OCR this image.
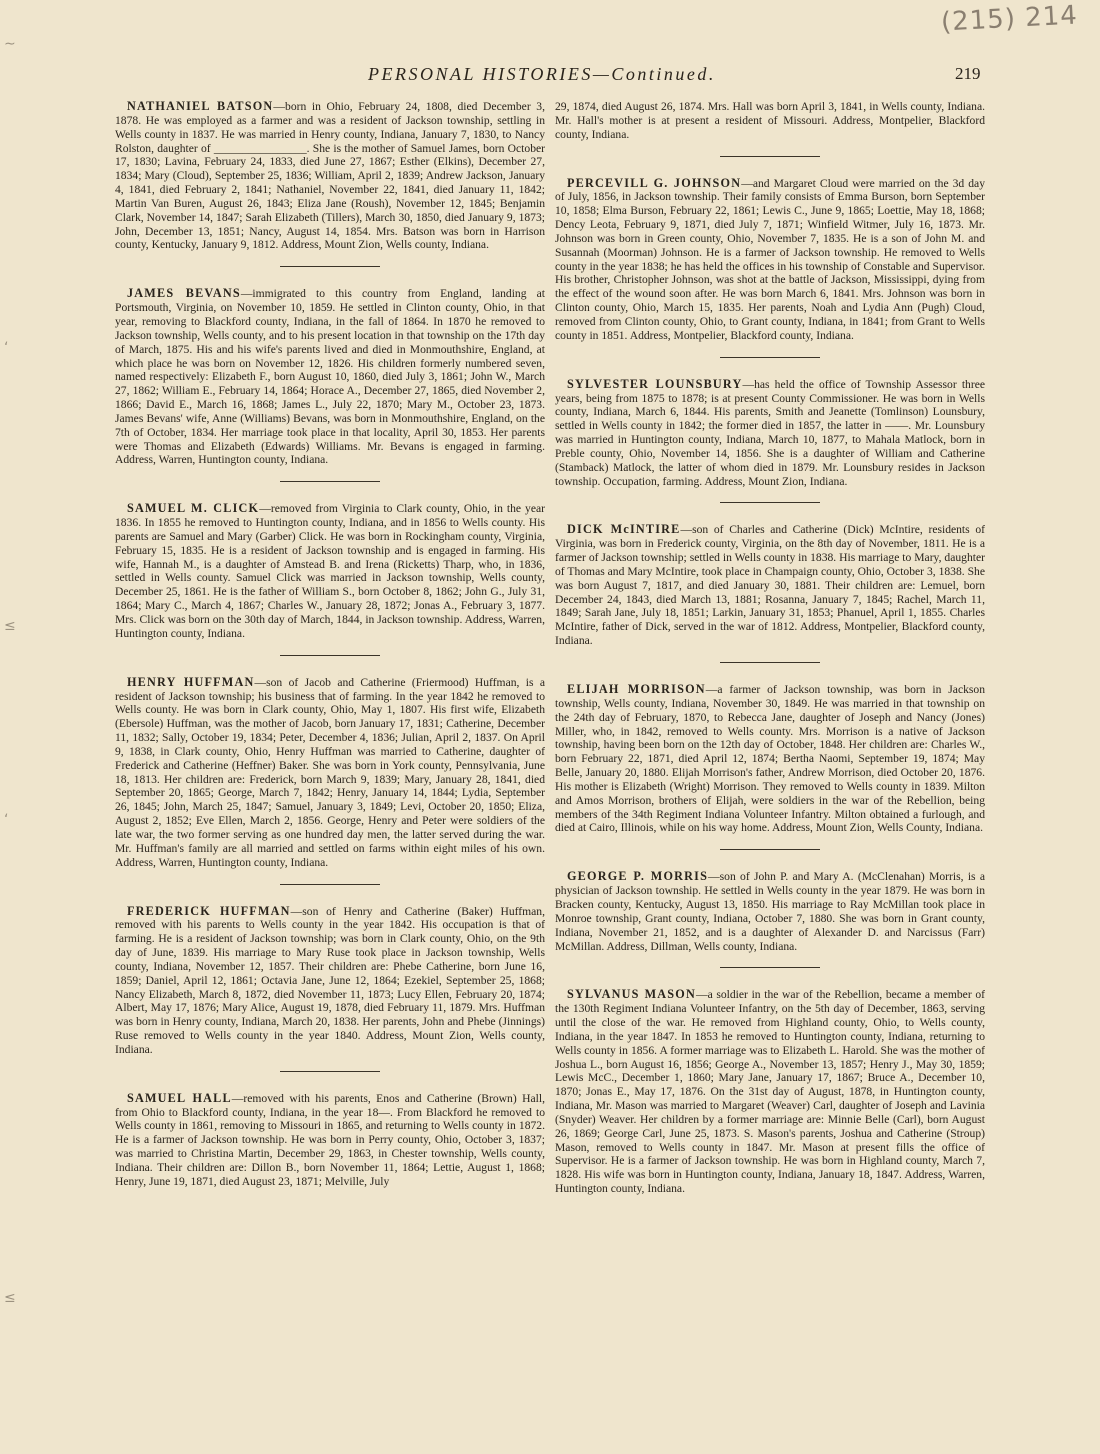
(215) 214
∼
‘
≤
‘
≤
PERSONAL HISTORIES—Continued.	219

NATHANIEL BATSON—born in Ohio, February 24, 1808, died December 3, 1878. He was employed as a farmer and was a resident of Jackson township, settling in Wells county in 1837. He was married in Henry county, Indiana, January 7, 1830, to Nancy Rolston, daughter of ________________. She is the mother of Samuel James, born October 17, 1830; Lavina, February 24, 1833, died June 27, 1867; Esther (Elkins), December 27, 1834; Mary (Cloud), September 25, 1836; William, April 2, 1839; Andrew Jackson, January 4, 1841, died February 2, 1841; Nathaniel, November 22, 1841, died January 11, 1842; Martin Van Buren, August 26, 1843; Eliza Jane (Roush), November 12, 1845; Benjamin Clark, November 14, 1847; Sarah Elizabeth (Tillers), March 30, 1850, died January 9, 1873; John, December 13, 1851; Nancy, August 14, 1854. Mrs. Batson was born in Harrison county, Kentucky, January 9, 1812. Address, Mount Zion, Wells county, Indiana.

JAMES BEVANS—immigrated to this country from England, landing at Portsmouth, Virginia, on November 10, 1859. He settled in Clinton county, Ohio, in that year, removing to Blackford county, Indiana, in the fall of 1864. In 1870 he removed to Jackson township, Wells county, and to his present location in that township on the 17th day of March, 1875. His and his wife's parents lived and died in Monmouthshire, England, at which place he was born on November 12, 1826. His children formerly numbered seven, named respectively: Elizabeth F., born August 10, 1860, died July 3, 1861; John W., March 27, 1862; William E., February 14, 1864; Horace A., December 27, 1865, died November 2, 1866; David E., March 16, 1868; James L., July 22, 1870; Mary M., October 23, 1873. James Bevans' wife, Anne (Williams) Bevans, was born in Monmouthshire, England, on the 7th of October, 1834. Her marriage took place in that locality, April 30, 1853. Her parents were Thomas and Elizabeth (Edwards) Williams. Mr. Bevans is engaged in farming. Address, Warren, Huntington county, Indiana.

SAMUEL M. CLICK—removed from Virginia to Clark county, Ohio, in the year 1836. In 1855 he removed to Huntington county, Indiana, and in 1856 to Wells county. His parents are Samuel and Mary (Garber) Click. He was born in Rockingham county, Virginia, February 15, 1835. He is a resident of Jackson township and is engaged in farming. His wife, Hannah M., is a daughter of Amstead B. and Irena (Ricketts) Tharp, who, in 1836, settled in Wells county. Samuel Click was married in Jackson township, Wells county, December 25, 1861. He is the father of William S., born October 8, 1862; John G., July 31, 1864; Mary C., March 4, 1867; Charles W., January 28, 1872; Jonas A., February 3, 1877. Mrs. Click was born on the 30th day of March, 1844, in Jackson township. Address, Warren, Huntington county, Indiana.

HENRY HUFFMAN—son of Jacob and Catherine (Friermood) Huffman, is a resident of Jackson township; his business that of farming. In the year 1842 he removed to Wells county. He was born in Clark county, Ohio, May 1, 1807. His first wife, Elizabeth (Ebersole) Huffman, was the mother of Jacob, born January 17, 1831; Catherine, December 11, 1832; Sally, October 19, 1834; Peter, December 4, 1836; Julian, April 2, 1837. On April 9, 1838, in Clark county, Ohio, Henry Huffman was married to Catherine, daughter of Frederick and Catherine (Heffner) Baker. She was born in York county, Pennsylvania, June 18, 1813. Her children are: Frederick, born March 9, 1839; Mary, January 28, 1841, died September 20, 1865; George, March 7, 1842; Henry, January 14, 1844; Lydia, September 26, 1845; John, March 25, 1847; Samuel, January 3, 1849; Levi, October 20, 1850; Eliza, August 2, 1852; Eve Ellen, March 2, 1856. George, Henry and Peter were soldiers of the late war, the two former serving as one hundred day men, the latter served during the war. Mr. Huffman's family are all married and settled on farms within eight miles of his own. Address, Warren, Huntington county, Indiana.

FREDERICK HUFFMAN—son of Henry and Catherine (Baker) Huffman, removed with his parents to Wells county in the year 1842. His occupation is that of farming. He is a resident of Jackson township; was born in Clark county, Ohio, on the 9th day of June, 1839. His marriage to Mary Ruse took place in Jackson township, Wells county, Indiana, November 12, 1857. Their children are: Phebe Catherine, born June 16, 1859; Daniel, April 12, 1861; Octavia Jane, June 12, 1864; Ezekiel, September 25, 1868; Nancy Elizabeth, March 8, 1872, died November 11, 1873; Lucy Ellen, February 20, 1874; Albert, May 17, 1876; Mary Alice, August 19, 1878, died February 11, 1879. Mrs. Huffman was born in Henry county, Indiana, March 20, 1838. Her parents, John and Phebe (Jinnings) Ruse removed to Wells county in the year 1840. Address, Mount Zion, Wells county, Indiana.

SAMUEL HALL—removed with his parents, Enos and Catherine (Brown) Hall, from Ohio to Blackford county, Indiana, in the year 18—. From Blackford he removed to Wells county in 1861, removing to Missouri in 1865, and returning to Wells county in 1872. He is a farmer of Jackson township. He was born in Perry county, Ohio, October 3, 1837; was married to Christina Martin, December 29, 1863, in Chester township, Wells county, Indiana. Their children are: Dillon B., born November 11, 1864; Lettie, August 1, 1868; Henry, June 19, 1871, died August 23, 1871; Melville, July

29, 1874, died August 26, 1874. Mrs. Hall was born April 3, 1841, in Wells county, Indiana. Mr. Hall's mother is at present a resident of Missouri. Address, Montpelier, Blackford county, Indiana.

PERCEVILL G. JOHNSON—and Margaret Cloud were married on the 3d day of July, 1856, in Jackson township. Their family consists of Emma Burson, born September 10, 1858; Elma Burson, February 22, 1861; Lewis C., June 9, 1865; Loettie, May 18, 1868; Dency Leota, February 9, 1871, died July 7, 1871; Winfield Witmer, July 16, 1873. Mr. Johnson was born in Green county, Ohio, November 7, 1835. He is a son of John M. and Susannah (Moorman) Johnson. He is a farmer of Jackson township. He removed to Wells county in the year 1838; he has held the offices in his township of Constable and Supervisor. His brother, Christopher Johnson, was shot at the battle of Jackson, Mississippi, dying from the effect of the wound soon after. He was born March 6, 1841. Mrs. Johnson was born in Clinton county, Ohio, March 15, 1835. Her parents, Noah and Lydia Ann (Pugh) Cloud, removed from Clinton county, Ohio, to Grant county, Indiana, in 1841; from Grant to Wells county in 1851. Address, Montpelier, Blackford county, Indiana.

SYLVESTER LOUNSBURY—has held the office of Township Assessor three years, being from 1875 to 1878; is at present County Commissioner. He was born in Wells county, Indiana, March 6, 1844. His parents, Smith and Jeanette (Tomlinson) Lounsbury, settled in Wells county in 1842; the former died in 1857, the latter in ——. Mr. Lounsbury was married in Huntington county, Indiana, March 10, 1877, to Mahala Matlock, born in Preble county, Ohio, November 14, 1856. She is a daughter of William and Catherine (Stamback) Matlock, the latter of whom died in 1879. Mr. Lounsbury resides in Jackson township. Occupation, farming. Address, Mount Zion, Indiana.

DICK McINTIRE—son of Charles and Catherine (Dick) McIntire, residents of Virginia, was born in Frederick county, Virginia, on the 8th day of November, 1811. He is a farmer of Jackson township; settled in Wells county in 1838. His marriage to Mary, daughter of Thomas and Mary McIntire, took place in Champaign county, Ohio, October 3, 1838. She was born August 7, 1817, and died January 30, 1881. Their children are: Lemuel, born December 24, 1843, died March 13, 1881; Rosanna, January 7, 1845; Rachel, March 11, 1849; Sarah Jane, July 18, 1851; Larkin, January 31, 1853; Phanuel, April 1, 1855. Charles McIntire, father of Dick, served in the war of 1812. Address, Montpelier, Blackford county, Indiana.

ELIJAH MORRISON—a farmer of Jackson township, was born in Jackson township, Wells county, Indiana, November 30, 1849. He was married in that township on the 24th day of February, 1870, to Rebecca Jane, daughter of Joseph and Nancy (Jones) Miller, who, in 1842, removed to Wells county. Mrs. Morrison is a native of Jackson township, having been born on the 12th day of October, 1848. Her children are: Charles W., born February 22, 1871, died April 12, 1874; Bertha Naomi, September 19, 1874; May Belle, January 20, 1880. Elijah Morrison's father, Andrew Morrison, died October 20, 1876. His mother is Elizabeth (Wright) Morrison. They removed to Wells county in 1839. Milton and Amos Morrison, brothers of Elijah, were soldiers in the war of the Rebellion, being members of the 34th Regiment Indiana Volunteer Infantry. Milton obtained a furlough, and died at Cairo, Illinois, while on his way home. Address, Mount Zion, Wells County, Indiana.

GEORGE P. MORRIS—son of John P. and Mary A. (McClenahan) Morris, is a physician of Jackson township. He settled in Wells county in the year 1879. He was born in Bracken county, Kentucky, August 13, 1850. His marriage to Ray McMillan took place in Monroe township, Grant county, Indiana, October 7, 1880. She was born in Grant county, Indiana, November 21, 1852, and is a daughter of Alexander D. and Narcissus (Farr) McMillan. Address, Dillman, Wells county, Indiana.

SYLVANUS MASON—a soldier in the war of the Rebellion, became a member of the 130th Regiment Indiana Volunteer Infantry, on the 5th day of December, 1863, serving until the close of the war. He removed from Highland county, Ohio, to Wells county, Indiana, in the year 1847. In 1853 he removed to Huntington county, Indiana, returning to Wells county in 1856. A former marriage was to Elizabeth L. Harold. She was the mother of Joshua L., born August 16, 1856; George A., November 13, 1857; Henry J., May 30, 1859; Lewis McC., December 1, 1860; Mary Jane, January 17, 1867; Bruce A., December 10, 1870; Jonas E., May 17, 1876. On the 31st day of August, 1878, in Huntington county, Indiana, Mr. Mason was married to Margaret (Weaver) Carl, daughter of Joseph and Lavinia (Snyder) Weaver. Her children by a former marriage are: Minnie Belle (Carl), born August 26, 1869; George Carl, June 25, 1873. S. Mason's parents, Joshua and Catherine (Stroup) Mason, removed to Wells county in 1847. Mr. Mason at present fills the office of Supervisor. He is a farmer of Jackson township. He was born in Highland county, March 7, 1828. His wife was born in Huntington county, Indiana, January 18, 1847. Address, Warren, Huntington county, Indiana.
